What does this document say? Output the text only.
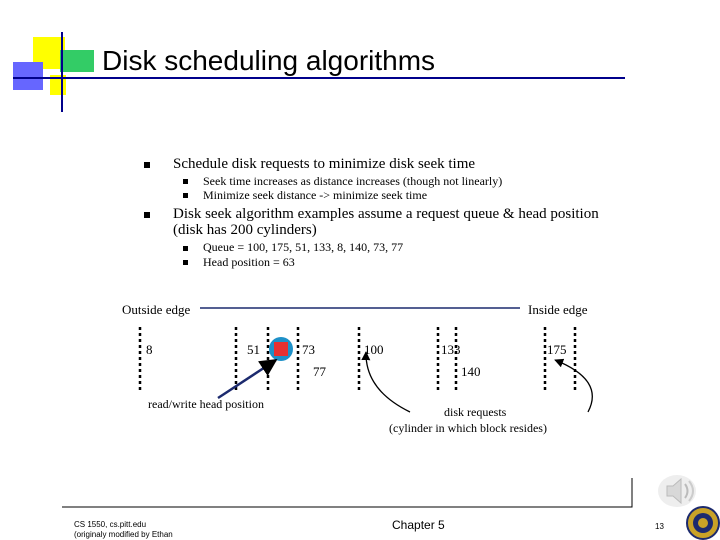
Disk scheduling algorithms
Schedule disk requests to minimize disk seek time
Seek time increases as distance increases (though not linearly)
Minimize seek distance -> minimize seek time
Disk seek algorithm examples assume a request queue & head position
(disk has 200 cylinders)
Queue = 100, 175, 51, 133, 8, 140, 73, 77
Head position = 63
Outside edge	Inside edge
8	51	73	100	133	175
77	140
read/write head position
disk requests
(cylinder in which block resides)
CS 1550, cs.pitt.edu
(originaly modified by Ethan
Chapter 5	13
